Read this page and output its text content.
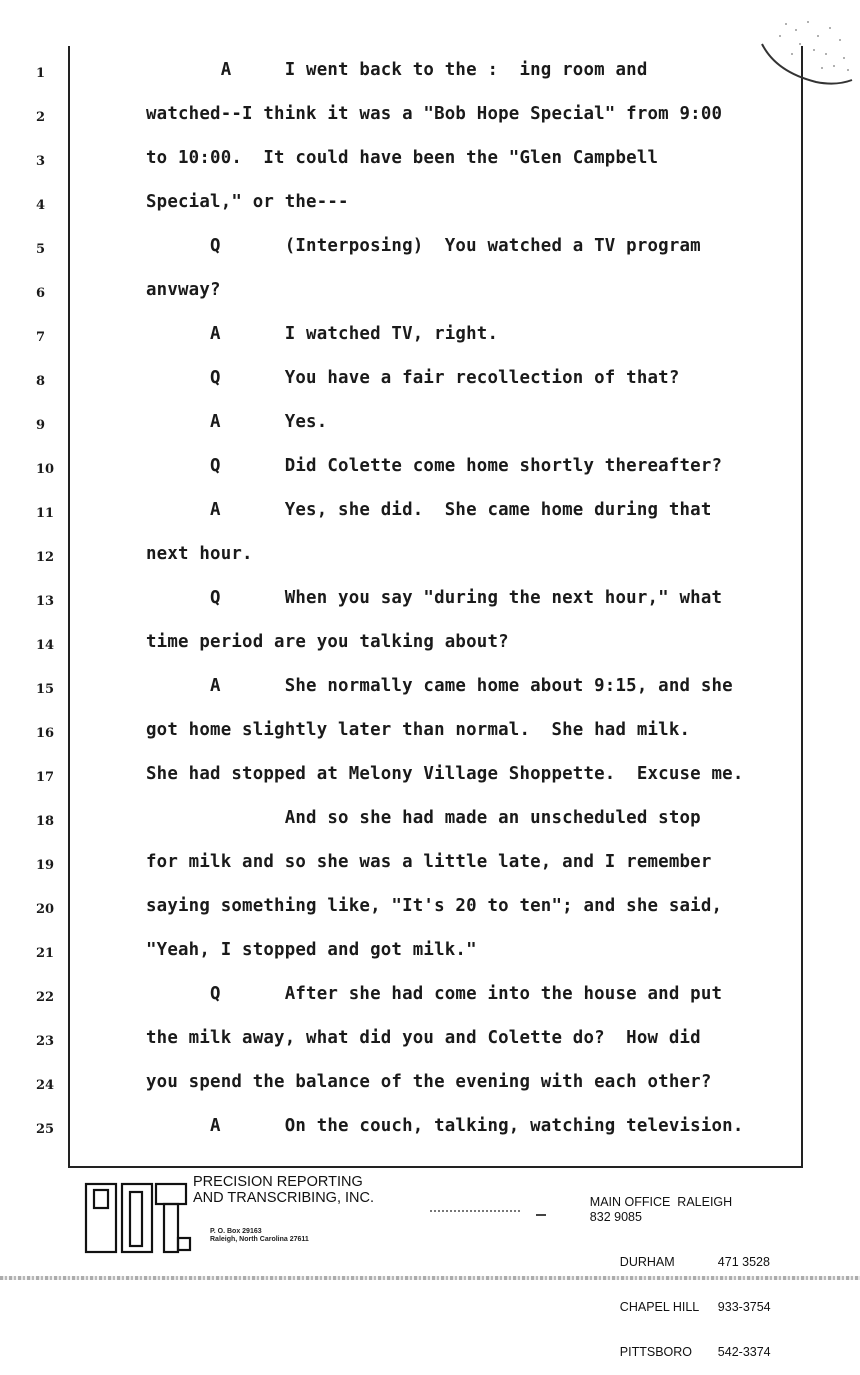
1	A     I went back to the :  ing room and
2	watched--I think it was a "Bob Hope Special" from 9:00
3	to 10:00.  It could have been the "Glen Campbell
4	Special," or the---
5	Q      (Interposing)  You watched a TV program
6	anvway?
7	A      I watched TV, right.
8	Q      You have a fair recollection of that?
9	A      Yes.
10	Q      Did Colette come home shortly thereafter?
11	A      Yes, she did.  She came home during that
12	next hour.
13	Q      When you say "during the next hour," what
14	time period are you talking about?
15	A      She normally came home about 9:15, and she
16	got home slightly later than normal.  She had milk.
17	She had stopped at Melony Village Shoppette.  Excuse me.
18	And so she had made an unscheduled stop
19	for milk and so she was a little late, and I remember
20	saying something like, "It's 20 to ten"; and she said,
21	"Yeah, I stopped and got milk."
22	Q      After she had come into the house and put
23	the milk away, what did you and Colette do?  How did
24	you spend the balance of the evening with each other?
25	A      On the couch, talking, watching television.
PRECISION REPORTING
AND TRANSCRIBING, INC.
P. O. Box 29163
Raleigh, North Carolina 27611

MAIN OFFICE  RALEIGH
832 9085

DURHAM	471 3528

CHAPEL HILL 933-3754

PITTSBORO 542-3374
